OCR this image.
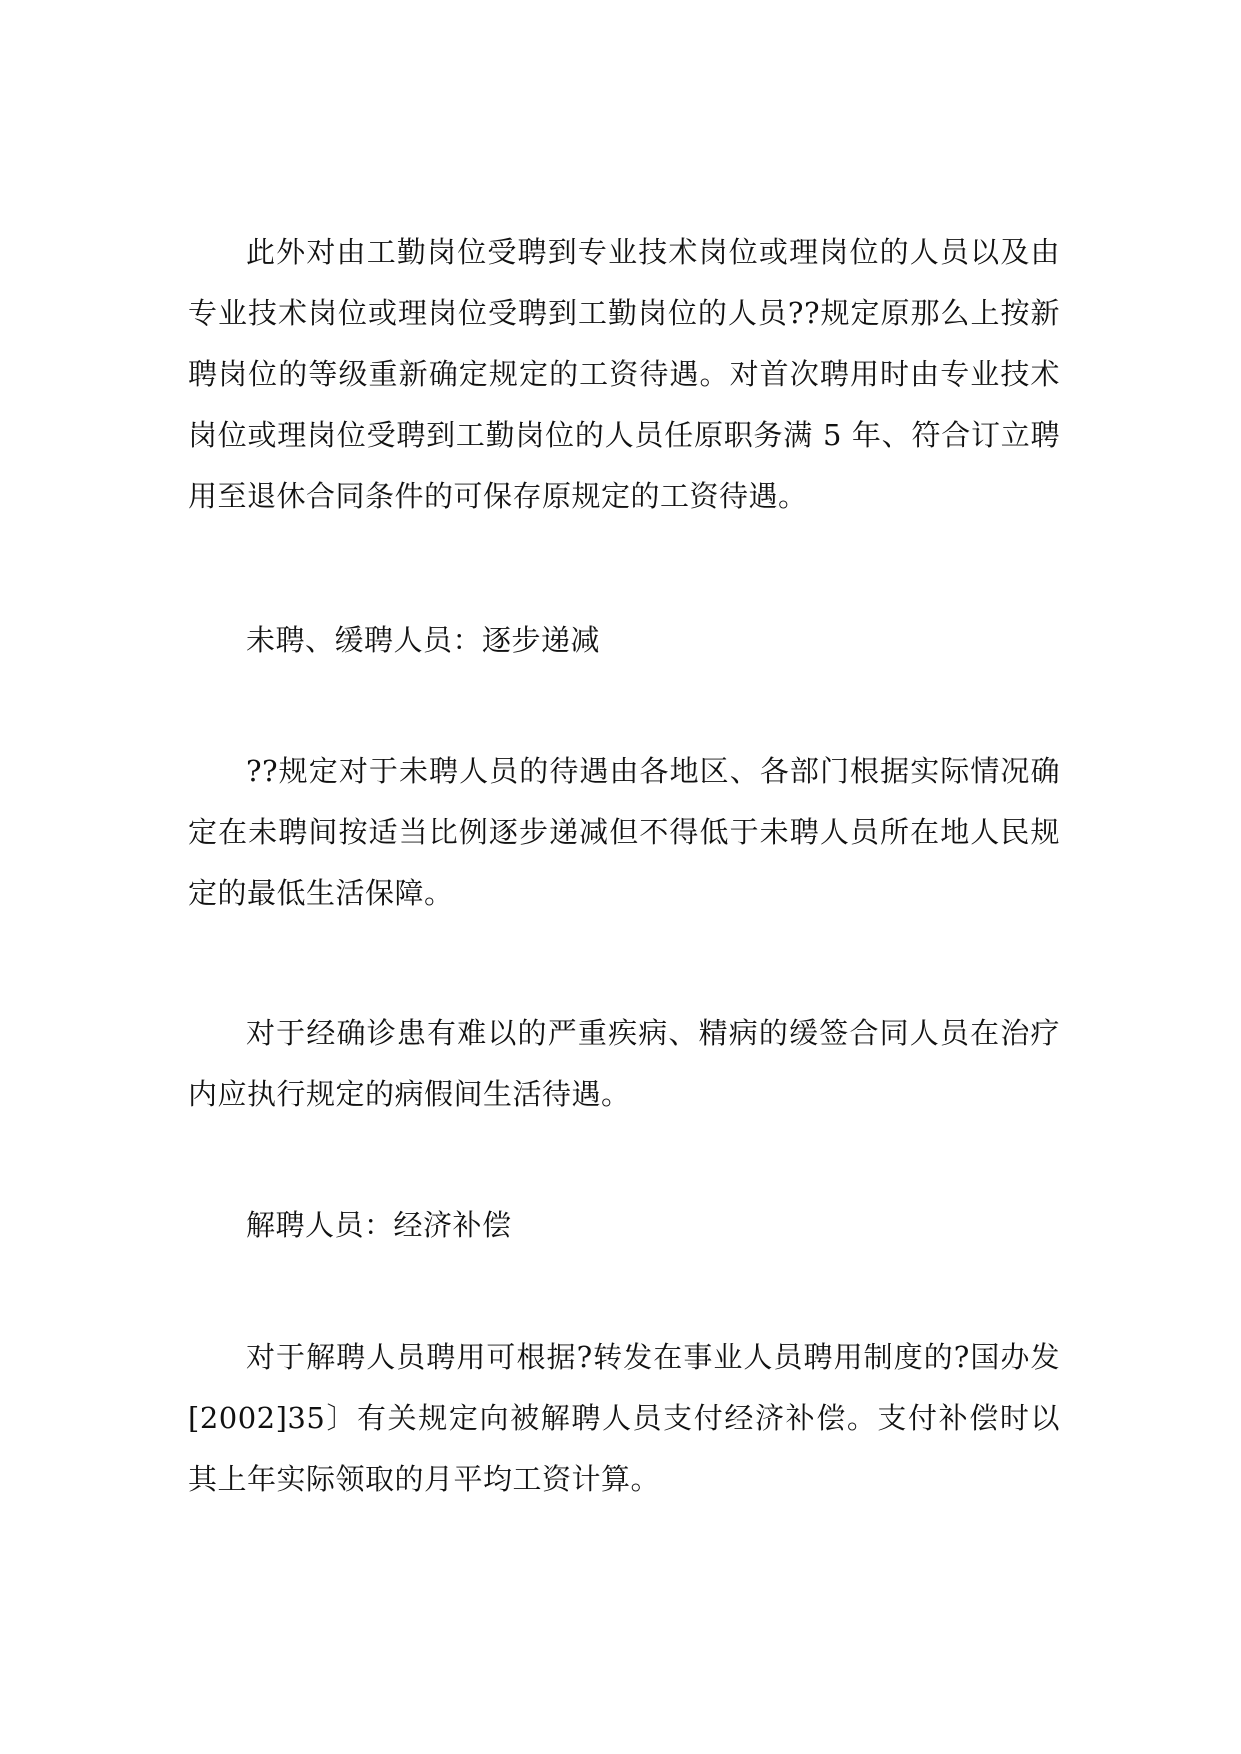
此外对由工勤岗位受聘到专业技术岗位或理岗位的人员以及由专业技术岗位或理岗位受聘到工勤岗位的人员??规定原那么上按新聘岗位的等级重新确定规定的工资待遇。对首次聘用时由专业技术岗位或理岗位受聘到工勤岗位的人员任原职务满 5 年、符合订立聘用至退休合同条件的可保存原规定的工资待遇。

未聘、缓聘人员：逐步递减

??规定对于未聘人员的待遇由各地区、各部门根据实际情况确定在未聘间按适当比例逐步递减但不得低于未聘人员所在地人民规定的最低生活保障。

对于经确诊患有难以的严重疾病、精病的缓签合同人员在治疗内应执行规定的病假间生活待遇。

解聘人员：经济补偿

对于解聘人员聘用可根据?转发在事业人员聘用制度的?国办发[2002]35〕有关规定向被解聘人员支付经济补偿。支付补偿时以其上年实际领取的月平均工资计算。
